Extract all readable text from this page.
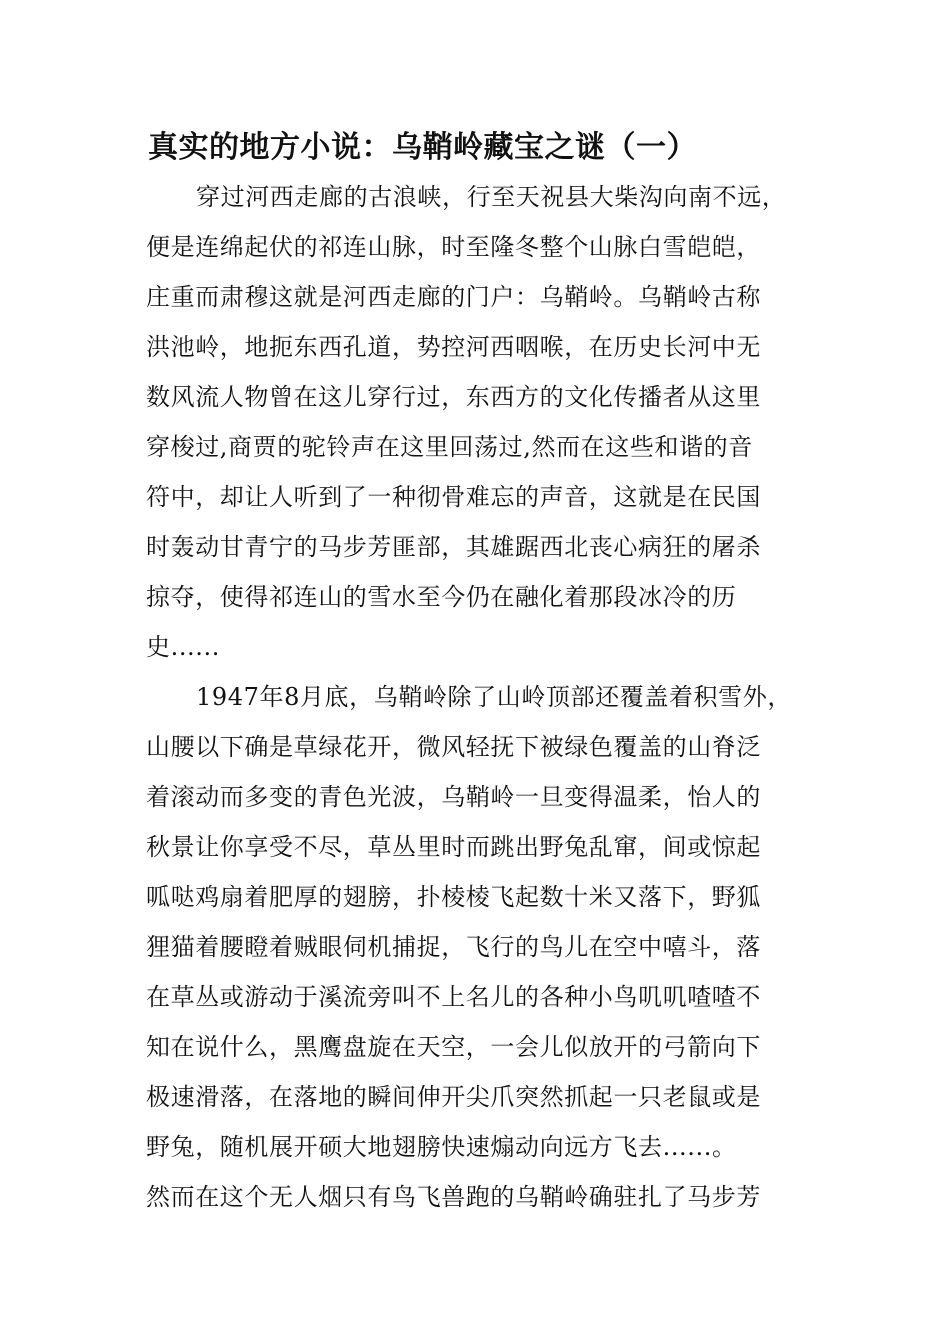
真实的地方小说：乌鞘岭藏宝之谜（一）
穿过河西走廊的古浪峡，行至天祝县大柴沟向南不远，
便是连绵起伏的祁连山脉，时至隆冬整个山脉白雪皑皑，
庄重而肃穆这就是河西走廊的门户：乌鞘岭。乌鞘岭古称
洪池岭，地扼东西孔道，势控河西咽喉，在历史长河中无
数风流人物曾在这儿穿行过，东西方的文化传播者从这里
穿梭过,商贾的驼铃声在这里回荡过,然而在这些和谐的音
符中，却让人听到了一种彻骨难忘的声音，这就是在民国
时轰动甘青宁的马步芳匪部，其雄踞西北丧心病狂的屠杀
掠夺，使得祁连山的雪水至今仍在融化着那段冰冷的历
史......
1947年8月底，乌鞘岭除了山岭顶部还覆盖着积雪外，
山腰以下确是草绿花开，微风轻抚下被绿色覆盖的山脊泛
着滚动而多变的青色光波，乌鞘岭一旦变得温柔，怡人的
秋景让你享受不尽，草丛里时而跳出野兔乱窜，间或惊起
呱哒鸡扇着肥厚的翅膀，扑棱棱飞起数十米又落下，野狐
狸猫着腰瞪着贼眼伺机捕捉，飞行的鸟儿在空中嘻斗，落
在草丛或游动于溪流旁叫不上名儿的各种小鸟叽叽喳喳不
知在说什么，黑鹰盘旋在天空，一会儿似放开的弓箭向下
极速滑落，在落地的瞬间伸开尖爪突然抓起一只老鼠或是
野兔，随机展开硕大地翅膀快速煽动向远方飞去......。
然而在这个无人烟只有鸟飞兽跑的乌鞘岭确驻扎了马步芳
